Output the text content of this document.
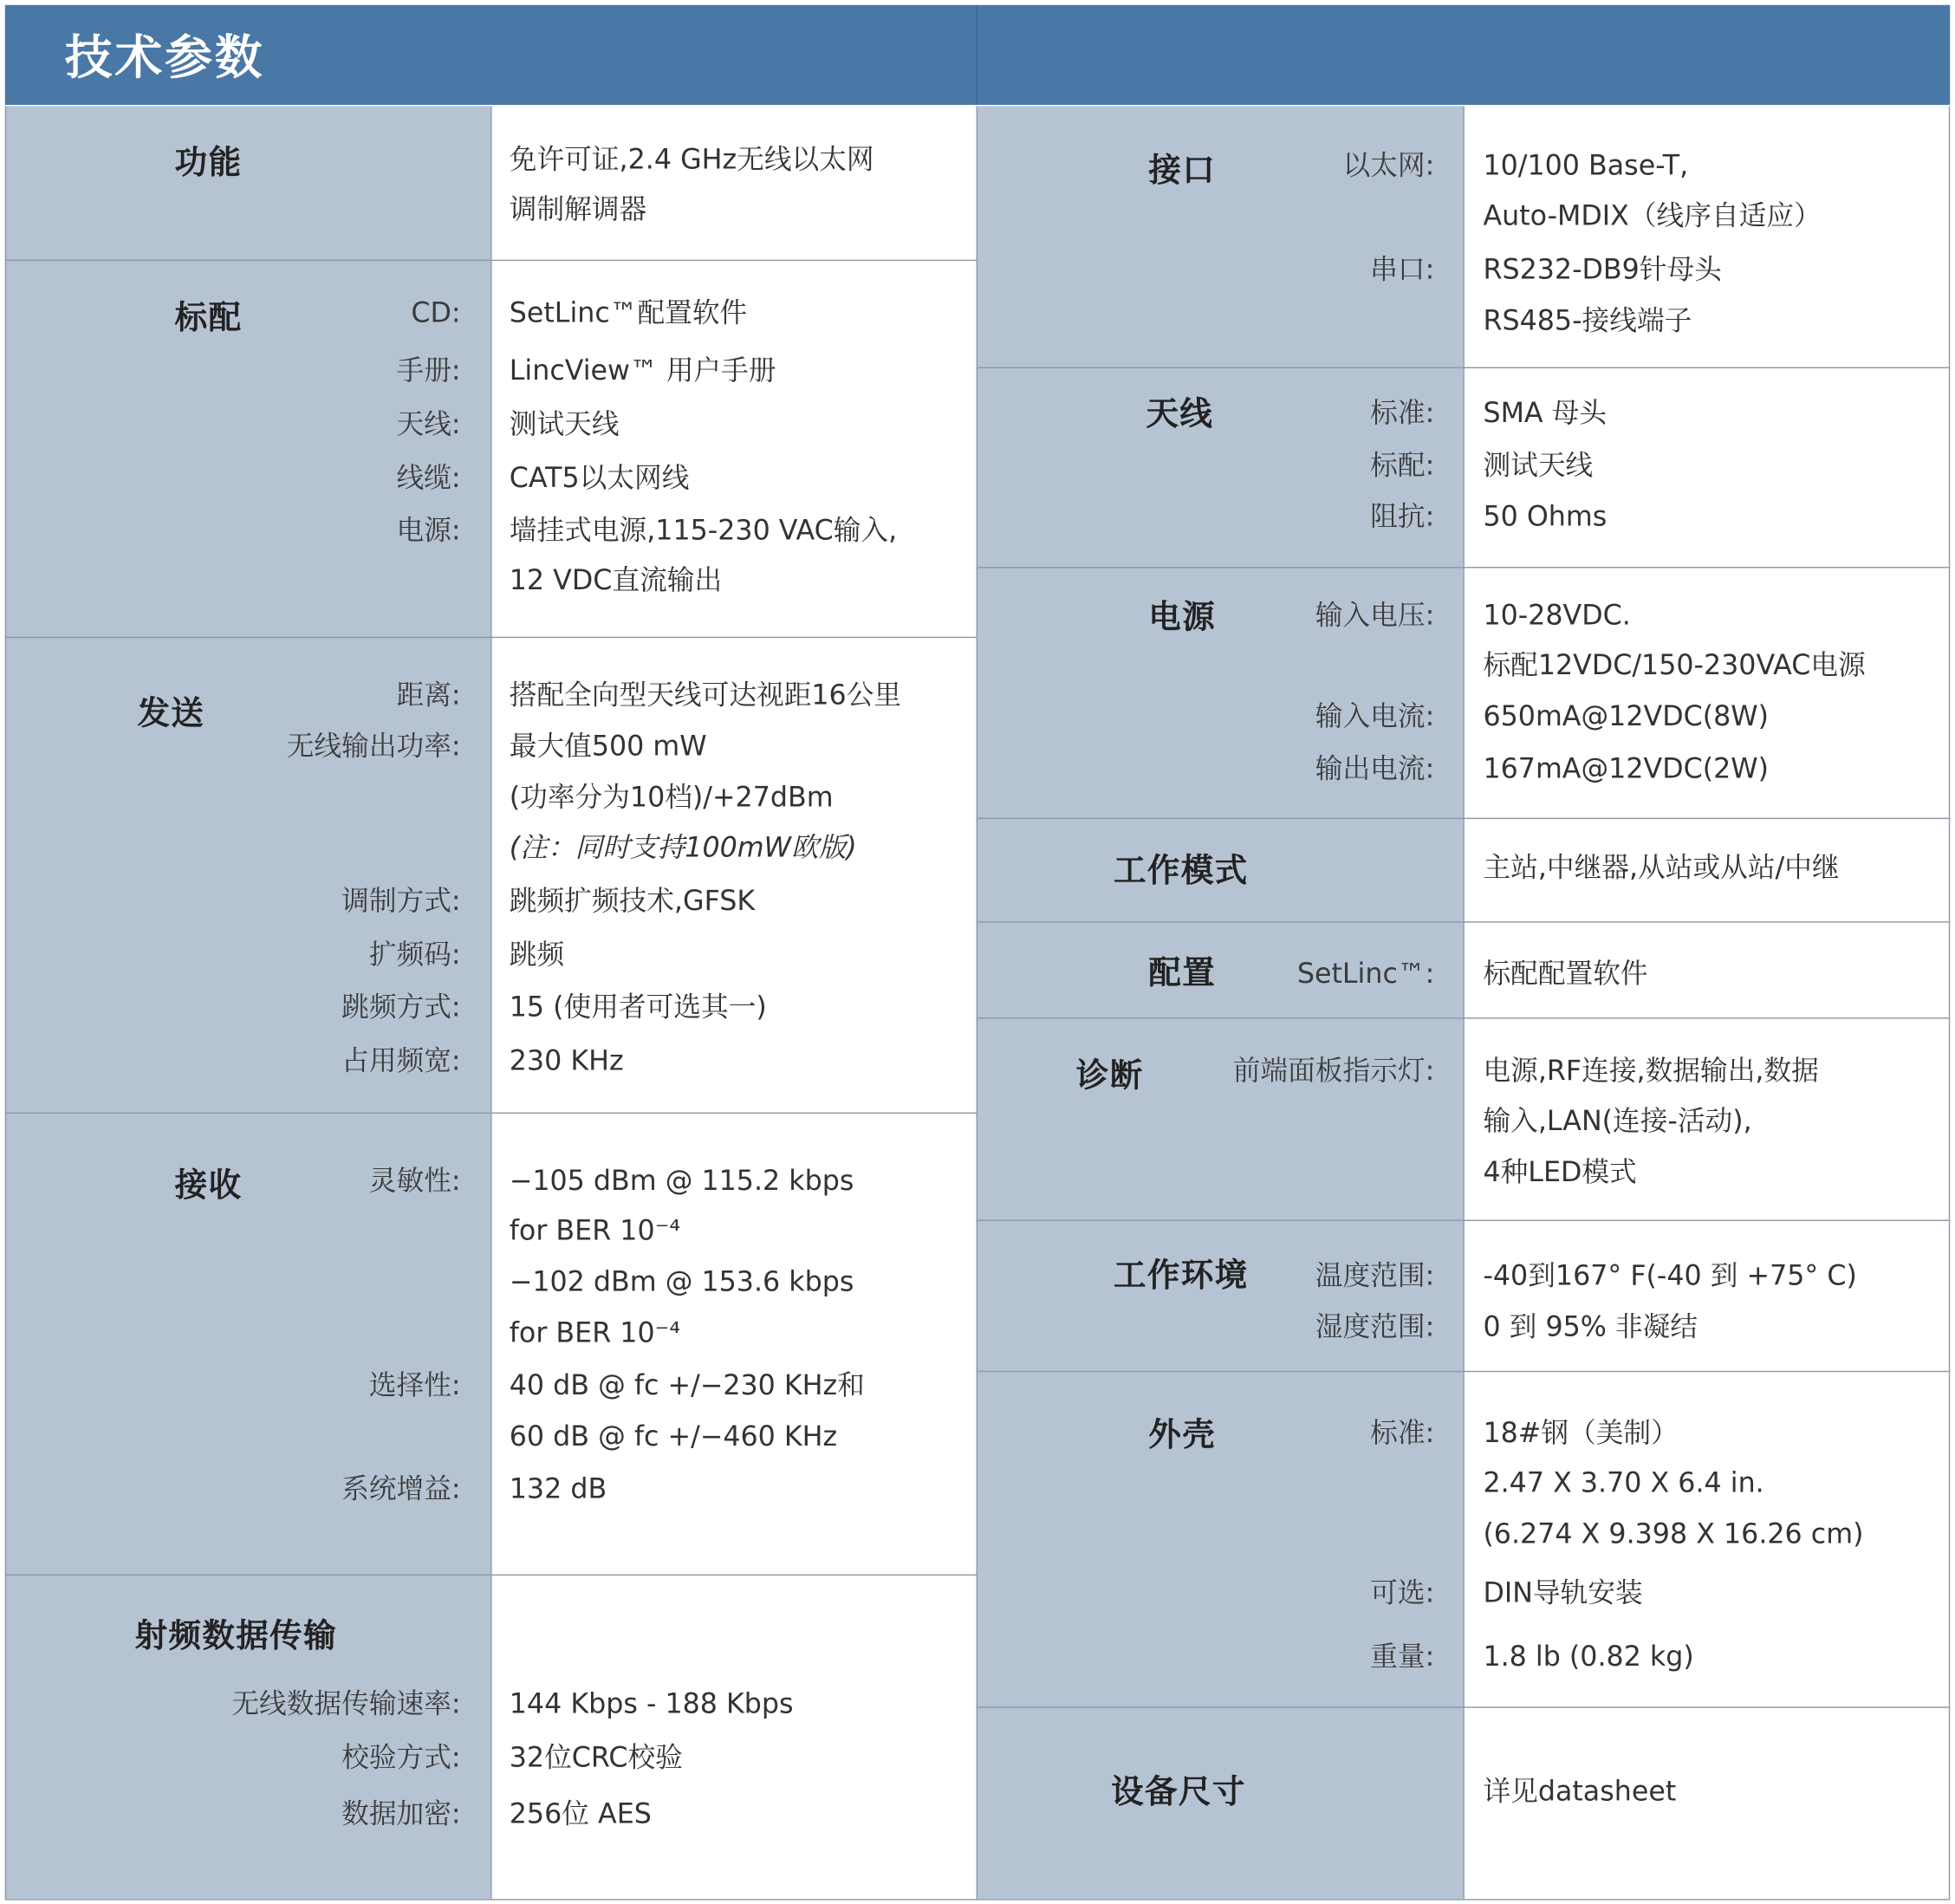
技术参数
功能	免许可证,2.4 GHz无线以太网
调制解调器
标配	CD:	SetLinc™配置软件
手册:	LincView™ 用户手册
天线:	测试天线
线缆:	CAT5以太网线
电源:	墙挂式电源,115-230 VAC输入,
12 VDC直流输出
发送	距离:	搭配全向型天线可达视距16公里
无线输出功率:	最大值500 mW
(功率分为10档)/+27dBm
(注：同时支持100mW欧版)
调制方式:	跳频扩频技术,GFSK
扩频码:	跳频
跳频方式:	15 (使用者可选其一)
占用频宽:	230 KHz
接收	灵敏性:	−105 dBm @ 115.2 kbps
for BER 10⁻⁴
−102 dBm @ 153.6 kbps
for BER 10⁻⁴
选择性:	40 dB @ fc +/−230 KHz和
60 dB @ fc +/−460 KHz
系统增益:	132 dB
射频数据传输
无线数据传输速率:	144 Kbps - 188 Kbps
校验方式:	32位CRC校验
数据加密:	256位 AES
接口	以太网:	10/100 Base-T,
Auto-MDIX（线序自适应）
串口:	RS232-DB9针母头
RS485-接线端子
天线	标准:	SMA 母头
标配:	测试天线
阻抗:	50 Ohms
电源	输入电压:	10-28VDC.
标配12VDC/150-230VAC电源
输入电流:	650mA@12VDC(8W)
输出电流:	167mA@12VDC(2W)
工作模式	主站,中继器,从站或从站/中继
配置	SetLinc™:	标配配置软件
诊断	前端面板指示灯:	电源,RF连接,数据输出,数据
输入,LAN(连接-活动),
4种LED模式
工作环境	温度范围:	-40到167° F(-40 到 +75° C)
湿度范围:	0 到 95% 非凝结
外壳	标准:	18#钢（美制）
2.47 X 3.70 X 6.4 in.
(6.274 X 9.398 X 16.26 cm)
可选:	DIN导轨安装
重量:	1.8 lb (0.82 kg)
设备尺寸	详见datasheet
